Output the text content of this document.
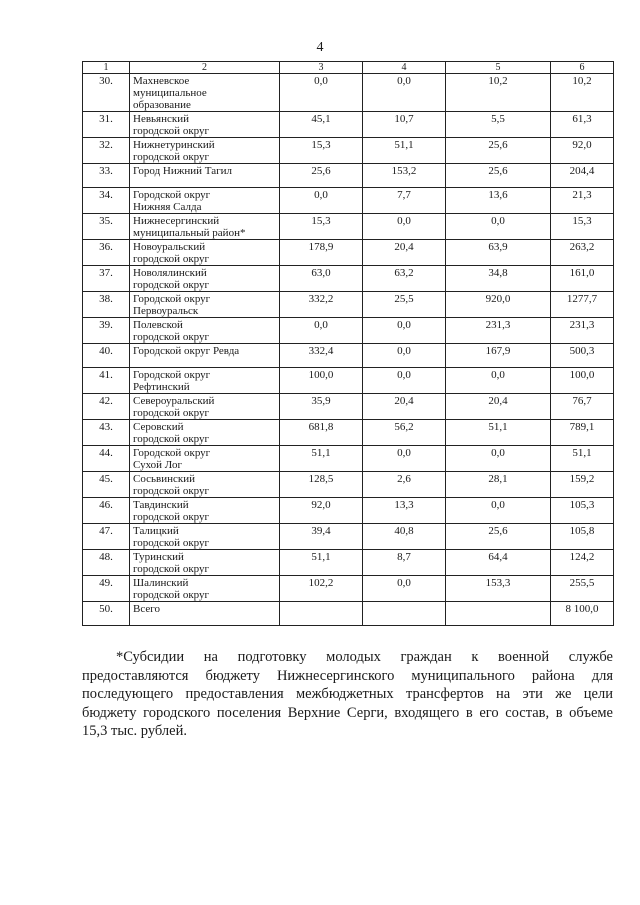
4
1	2	3	4	5	6
30.	Махневское
муниципальное
образование	0,0	0,0	10,2	10,2
31.	Невьянский
городской округ	45,1	10,7	5,5	61,3
32.	Нижнетуринский
городской округ	15,3	51,1	25,6	92,0
33.	Город Нижний Тагил	25,6	153,2	25,6	204,4
34.	Городской округ
Нижняя Салда	0,0	7,7	13,6	21,3
35.	Нижнесергинский
муниципальный район*	15,3	0,0	0,0	15,3
36.	Новоуральский
городской округ	178,9	20,4	63,9	263,2
37.	Новолялинский
городской округ	63,0	63,2	34,8	161,0
38.	Городской округ
Первоуральск	332,2	25,5	920,0	1277,7
39.	Полевской
городской округ	0,0	0,0	231,3	231,3
40.	Городской округ Ревда	332,4	0,0	167,9	500,3
41.	Городской округ
Рефтинский	100,0	0,0	0,0	100,0
42.	Североуральский
городской округ	35,9	20,4	20,4	76,7
43.	Серовский
городской округ	681,8	56,2	51,1	789,1
44.	Городской округ
Сухой Лог	51,1	0,0	0,0	51,1
45.	Сосьвинский
городской округ	128,5	2,6	28,1	159,2
46.	Тавдинский
городской округ	92,0	13,3	0,0	105,3
47.	Талицкий
городской округ	39,4	40,8	25,6	105,8
48.	Туринский
городской округ	51,1	8,7	64,4	124,2
49.	Шалинский
городской округ	102,2	0,0	153,3	255,5
50.	Всего				8 100,0
*Субсидии на подготовку молодых граждан к военной службе
предоставляются бюджету Нижнесергинского муниципального района для
последующего предоставления межбюджетных трансфертов на эти же цели
бюджету городского поселения Верхние Серги, входящего в его состав, в объеме
15,3 тыс. рублей.
